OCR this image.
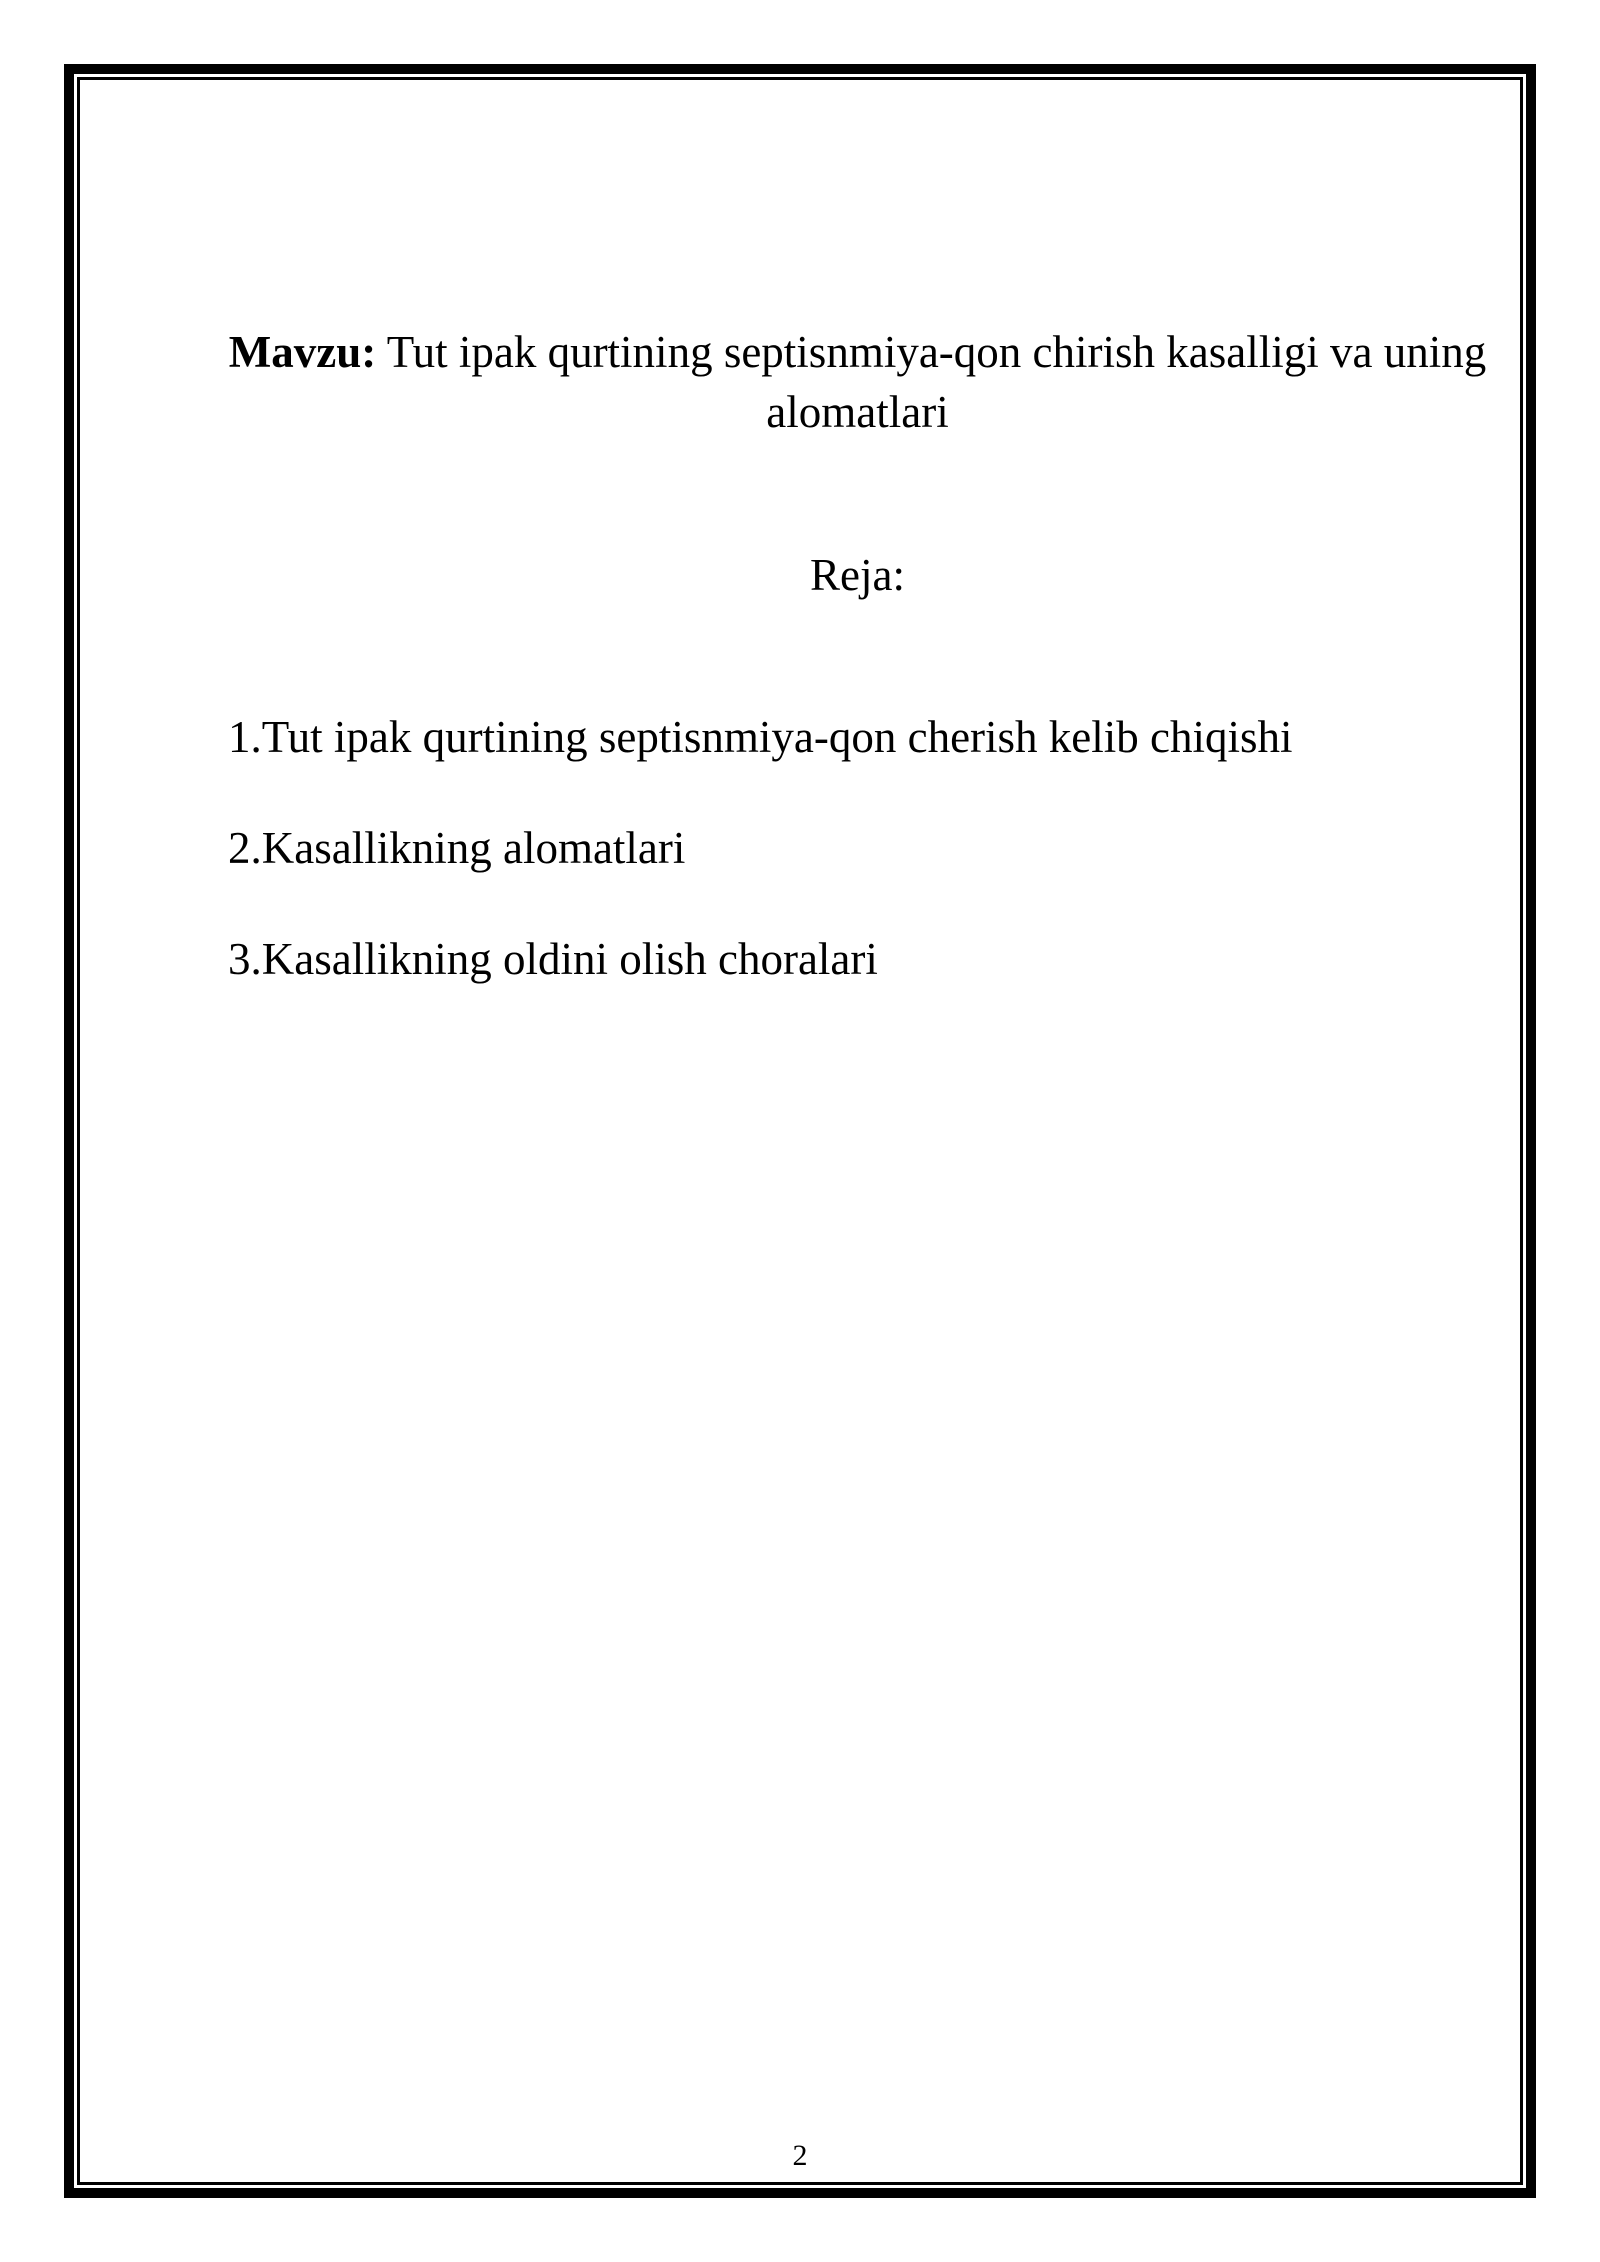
Mavzu: Tut ipak qurtining septisnmiya-qon chirish kasalligi va uning alomatlari
Reja:
1.Tut ipak qurtining septisnmiya-qon cherish kelib chiqishi
2.Kasallikning alomatlari
3.Kasallikning oldini olish choralari
2
